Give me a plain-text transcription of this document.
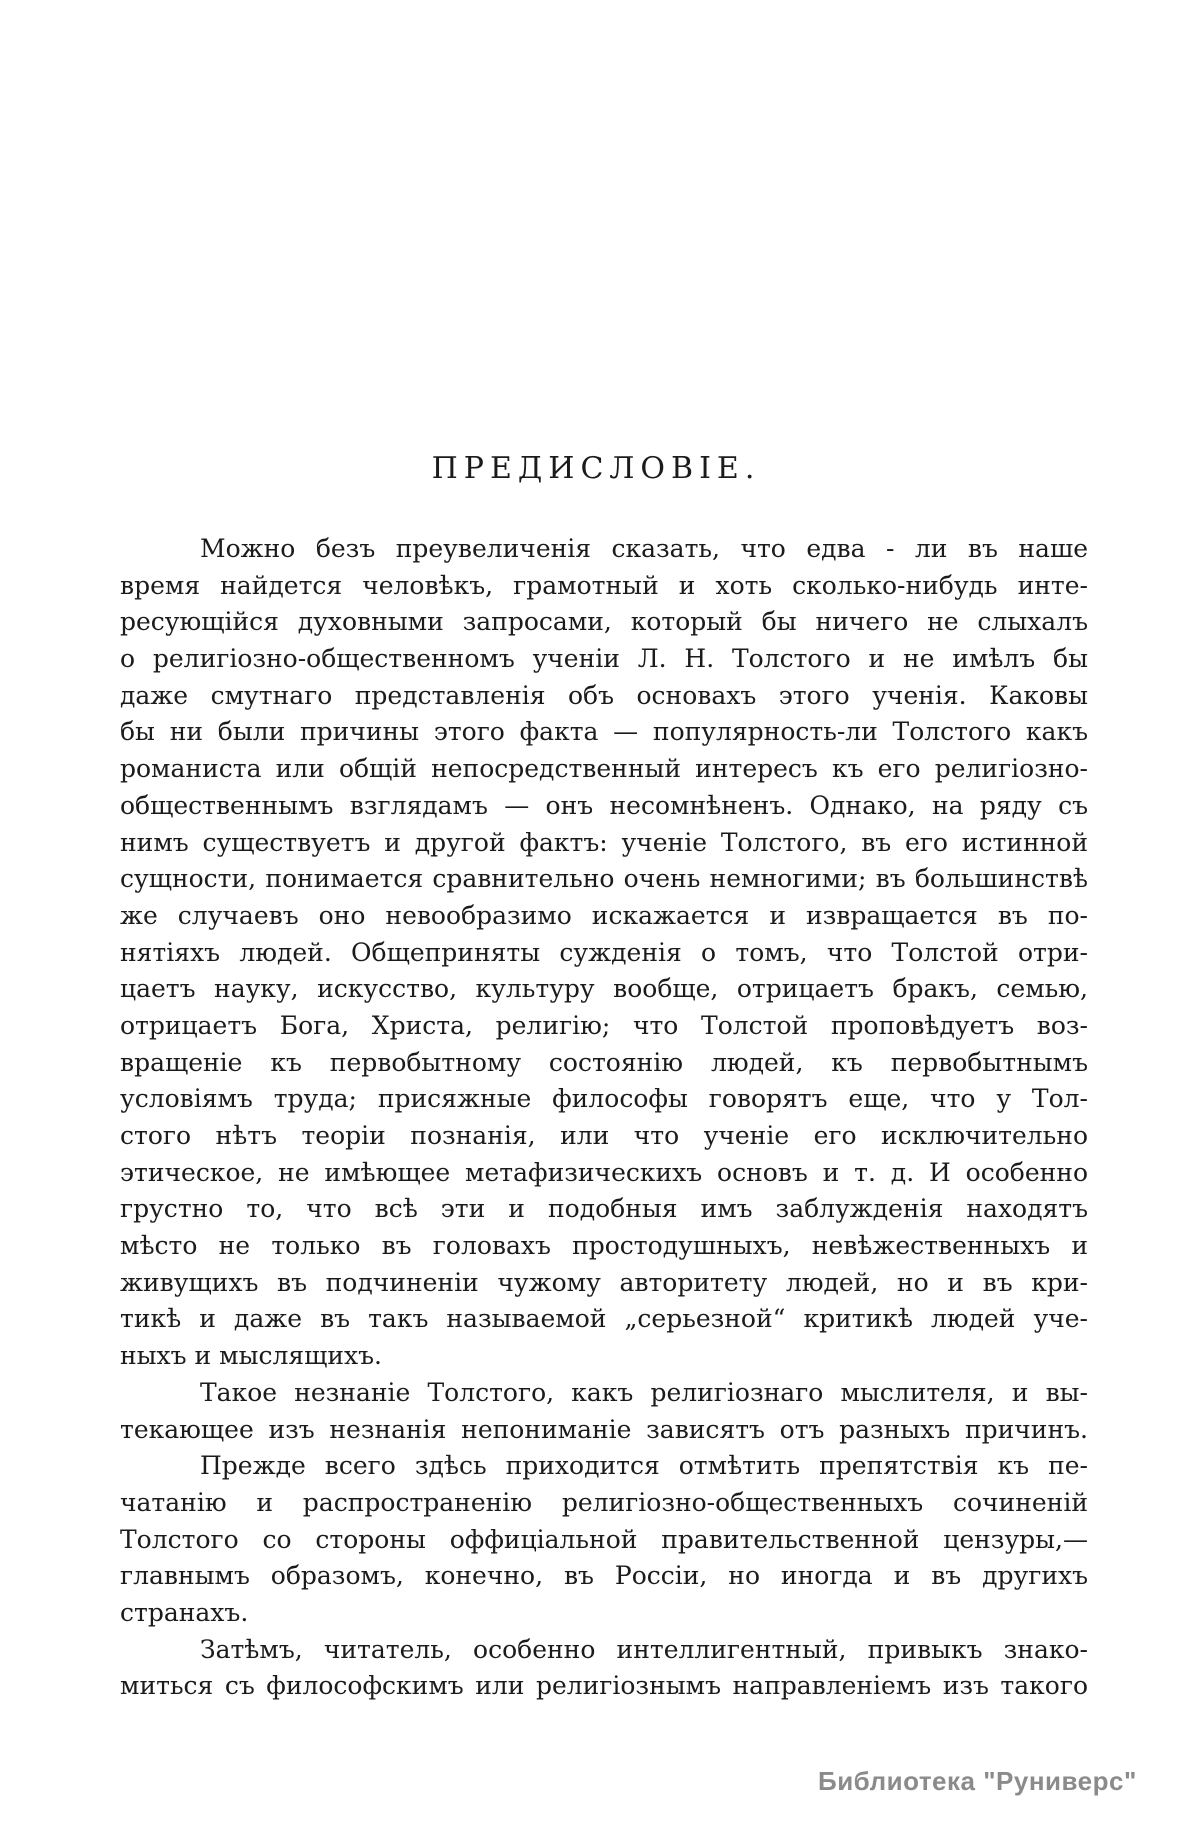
ПРЕДИСЛОВІЕ.
Можно безъ преувеличенія сказать, что едва - ли въ наше
время найдется человѣкъ, грамотный и хоть сколько-нибудь инте-
ресующійся духовными запросами, который бы ничего не слыхалъ
о религіозно-общественномъ ученіи Л. Н. Толстого и не имѣлъ бы
даже смутнаго представленія объ основахъ этого ученія. Каковы
бы ни были причины этого факта — популярность-ли Толстого какъ
романиста или общій непосредственный интересъ къ его религіозно-
общественнымъ взглядамъ — онъ несомнѣненъ. Однако, на ряду съ
нимъ существуетъ и другой фактъ: ученіе Толстого, въ его истинной
сущности, понимается сравнительно очень немногими; въ большинствѣ
же случаевъ оно невообразимо искажается и извращается въ по-
нятіяхъ людей. Общеприняты сужденія о томъ, что Толстой отри-
цаетъ науку, искусство, культуру вообще, отрицаетъ бракъ, семью,
отрицаетъ Бога, Христа, религію; что Толстой проповѣдуетъ воз-
вращеніе къ первобытному состоянію людей, къ первобытнымъ
условіямъ труда; присяжные философы говорятъ еще, что у Тол-
стого нѣтъ теоріи познанія, или что ученіе его исключительно
этическое, не имѣющее метафизическихъ основъ и т. д. И особенно
грустно то, что всѣ эти и подобныя имъ заблужденія находятъ
мѣсто не только въ головахъ простодушныхъ, невѣжественныхъ и
живущихъ въ подчиненіи чужому авторитету людей, но и въ кри-
тикѣ и даже въ такъ называемой „серьезной“ критикѣ людей уче-
ныхъ и мыслящихъ.
Такое незнаніе Толстого, какъ религіознаго мыслителя, и вы-
текающее изъ незнанія непониманіе зависятъ отъ разныхъ причинъ.
Прежде всего здѣсь приходится отмѣтить препятствія къ пе-
чатанію и распространенію религіозно-общественныхъ сочиненій
Толстого со стороны оффиціальной правительственной цензуры,—
главнымъ образомъ, конечно, въ Россіи, но иногда и въ другихъ
странахъ.
Затѣмъ, читатель, особенно интеллигентный, привыкъ знако-
миться съ философскимъ или религіознымъ направленіемъ изъ такого
Библиотека "Руниверс"
